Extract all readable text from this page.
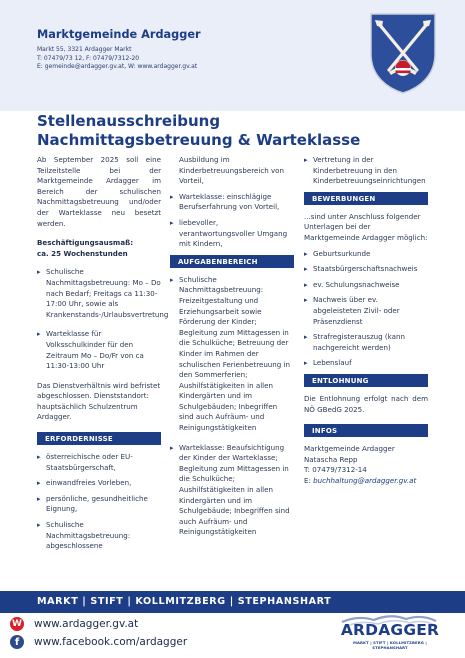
Marktgemeinde Ardagger
Markt 55, 3321 Ardagger Markt
T: 07479/73 12, F: 07479/7312-20
E: gemeinde@ardagger.gv.at, W: www.ardagger.gv.at
Stellenausschreibung
Nachmittagsbetreuung & Warteklasse

Ab September 2025 soll eine Teilzeitstelle bei der Marktgemeinde Ardagger im Bereich der schulischen Nachmittagsbetreuung und/oder der Warteklasse neu besetzt werden.

Beschäftigungsausmaß:
ca. 25 Wochenstunden
▸ Schulische Nachmittagsbetreuung: Mo – Do nach Bedarf; Freitags ca 11:30-17:00 Uhr, sowie als Krankenstands-/Urlaubsvertretung
▸ Warteklasse für Volksschulkinder für den Zeitraum Mo – Do/Fr von ca 11:30-13:00 Uhr

Das Dienstverhältnis wird befristet abgeschlossen. Dienststandort: hauptsächlich Schulzentrum Ardagger.

ERFORDERNISSE
▸ österreichische oder EU-Staatsbürgerschaft,
▸ einwandfreies Vorleben,
▸ persönliche, gesundheitliche Eignung,
▸ Schulische Nachmittagsbetreuung: abgeschlossene

Ausbildung im Kinderbetreuungsbereich von Vorteil,

▸ Warteklasse: einschlägige Berufserfahrung von Vorteil,
▸ liebevoller, verantwortungsvoller Umgang mit Kindern,
AUFGABENBEREICH
▸ Schulische Nachmittagsbetreuung: Freizeitgestaltung und Erziehungsarbeit sowie Förderung der Kinder; Begleitung zum Mittagessen in die Schulküche; Betreuung der Kinder im Rahmen der schulischen Ferienbetreuung in den Sommerferien; Aushilfstätigkeiten in allen Kindergärten und im Schulgebäuden; Inbegriffen sind auch Aufräum- und Reinigungstätigkeiten
▸ Warteklasse: Beaufsichtigung der Kinder der Warteklasse; Begleitung zum Mittagessen in die Schulküche; Aushilfstätigkeiten in allen Kindergärten und im Schulgebäude; Inbegriffen sind auch Aufräum- und Reinigungstätigkeiten
▸ Vertretung in der Kinderbetreuung in den Kinderbetreuungseinrichtungen
BEWERBUNGEN

...sind unter Anschluss folgender Unterlagen bei der Marktgemeinde Ardagger möglich:

▸ Geburtsurkunde
▸ Staatsbürgerschaftsnachweis
▸ ev. Schulungsnachweise
▸ Nachweis über ev. abgeleisteten Zivil- oder Präsenzdienst
▸ Strafregisterauszug (kann nachgereicht werden)
▸ Lebenslauf
ENTLOHNUNG

Die Entlohnung erfolgt nach dem NÖ GBedG 2025.

INFOS
Marktgemeinde Ardagger
Natascha Repp
T: 07479/7312-14
E: buchhaltung@ardagger.gv.at
MARKT | STIFT | KOLLMITZBERG | STEPHANSHART
W www.ardagger.gv.at
f	www.facebook.com/ardagger
ARDAGGER
MARKT | STIFT | KOLLMITZBERG | STEPHANSHART
